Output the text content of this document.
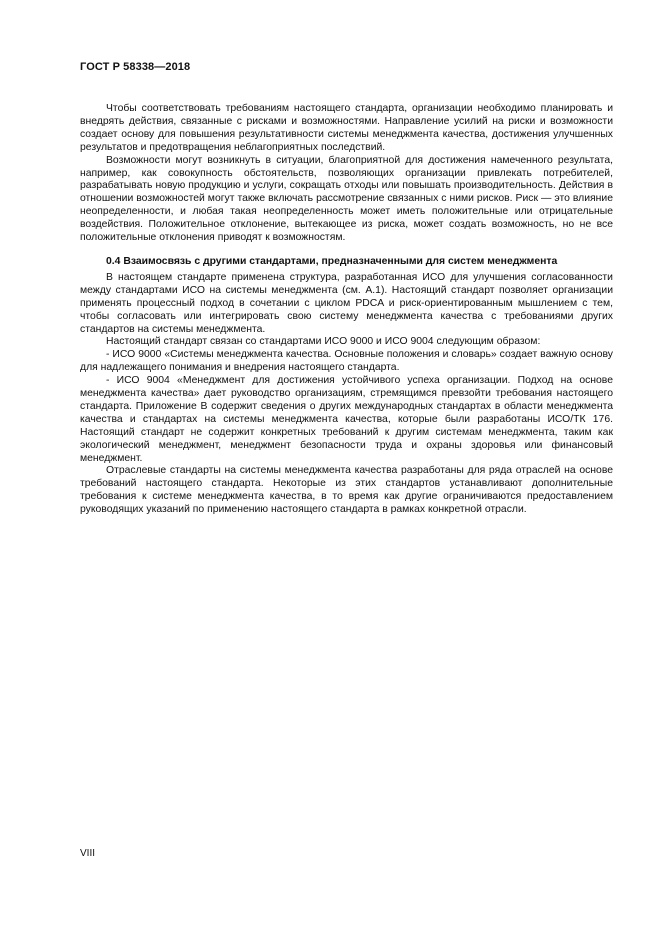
ГОСТ Р 58338—2018

Чтобы соответствовать требованиям настоящего стандарта, организации необходимо планировать и внедрять действия, связанные с рисками и возможностями. Направление усилий на риски и возможности создает основу для повышения результативности системы менеджмента качества, достижения улучшенных результатов и предотвращения неблагоприятных последствий.

Возможности могут возникнуть в ситуации, благоприятной для достижения намеченного результата, например, как совокупность обстоятельств, позволяющих организации привлекать потребителей, разрабатывать новую продукцию и услуги, сокращать отходы или повышать производительность. Действия в отношении возможностей могут также включать рассмотрение связанных с ними рисков. Риск — это влияние неопределенности, и любая такая неопределенность может иметь положительные или отрицательные воздействия. Положительное отклонение, вытекающее из риска, может создать возможность, но не все положительные отклонения приводят к возможностям.

0.4 Взаимосвязь с другими стандартами, предназначенными для систем менеджмента

В настоящем стандарте применена структура, разработанная ИСО для улучшения согласованности между стандартами ИСО на системы менеджмента (см. А.1). Настоящий стандарт позволяет организации применять процессный подход в сочетании с циклом PDCA и риск-ориентированным мышлением с тем, чтобы согласовать или интегрировать свою систему менеджмента качества с требованиями других стандартов на системы менеджмента.

Настоящий стандарт связан со стандартами ИСО 9000 и ИСО 9004 следующим образом:

- ИСО 9000 «Системы менеджмента качества. Основные положения и словарь» создает важную основу для надлежащего понимания и внедрения настоящего стандарта.

- ИСО 9004 «Менеджмент для достижения устойчивого успеха организации. Подход на основе менеджмента качества» дает руководство организациям, стремящимся превзойти требования настоящего стандарта. Приложение В содержит сведения о других международных стандартах в области менеджмента качества и стандартах на системы менеджмента качества, которые были разработаны ИСО/ТК 176. Настоящий стандарт не содержит конкретных требований к другим системам менеджмента, таким как экологический менеджмент, менеджмент безопасности труда и охраны здоровья или финансовый менеджмент.

Отраслевые стандарты на системы менеджмента качества разработаны для ряда отраслей на основе требований настоящего стандарта. Некоторые из этих стандартов устанавливают дополнительные требования к системе менеджмента качества, в то время как другие ограничиваются предоставлением руководящих указаний по применению настоящего стандарта в рамках конкретной отрасли.

VIII
